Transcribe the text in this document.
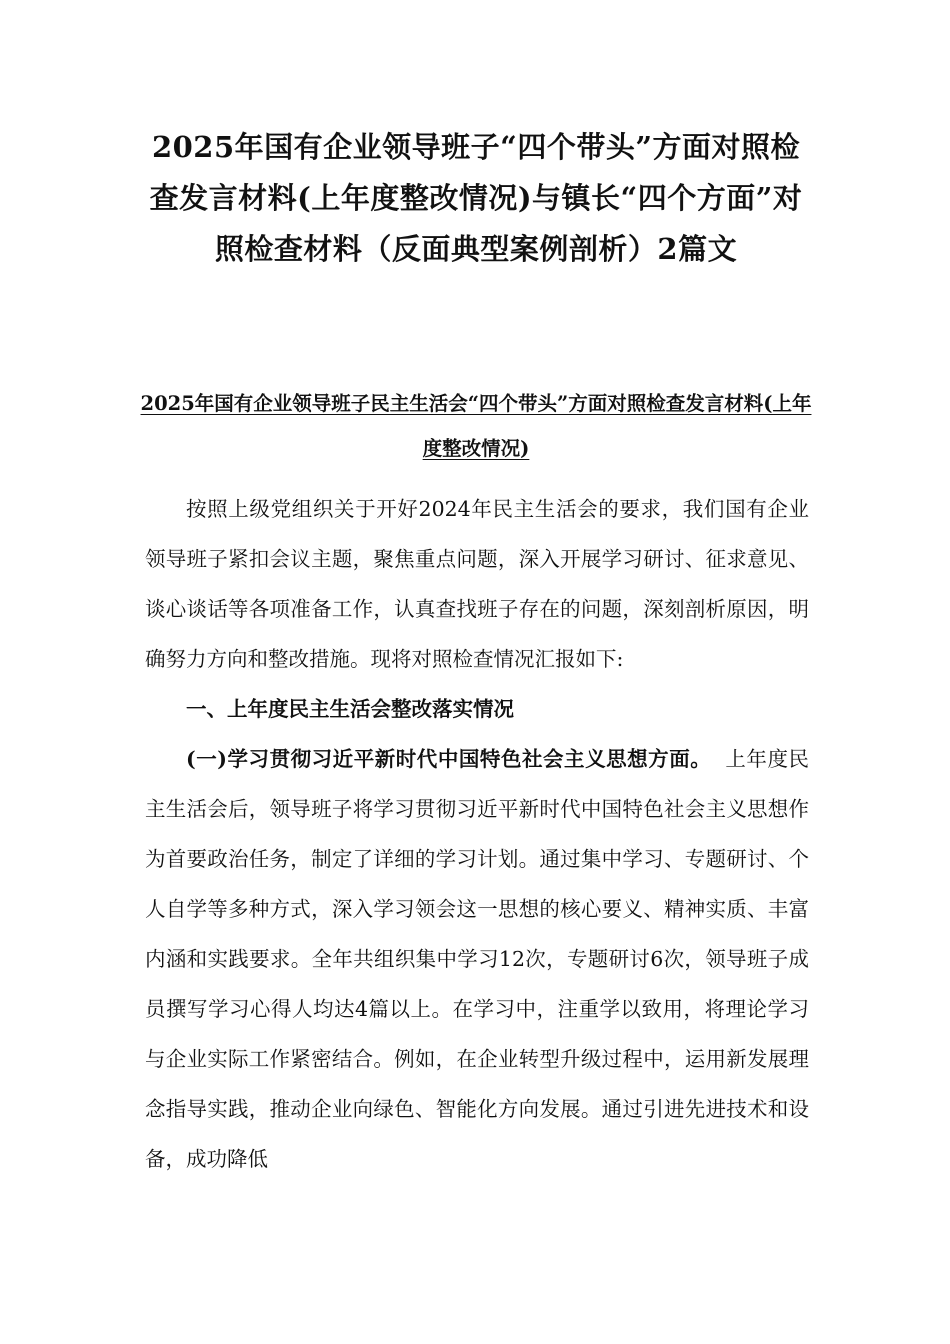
2025年国有企业领导班子“四个带头”方面对照检查发言材料(上年度整改情况)与镇长“四个方面”对照检查材料（反面典型案例剖析）2篇文
2025年国有企业领导班子民主生活会“四个带头”方面对照检查发言材料(上年度整改情况)

按照上级党组织关于开好2024年民主生活会的要求，我们国有企业领导班子紧扣会议主题，聚焦重点问题，深入开展学习研讨、征求意见、谈心谈话等各项准备工作，认真查找班子存在的问题，深刻剖析原因，明确努力方向和整改措施。现将对照检查情况汇报如下:

一、上年度民主生活会整改落实情况

(一)学习贯彻习近平新时代中国特色社会主义思想方面。 上年度民主生活会后，领导班子将学习贯彻习近平新时代中国特色社会主义思想作为首要政治任务，制定了详细的学习计划。通过集中学习、专题研讨、个人自学等多种方式，深入学习领会这一思想的核心要义、精神实质、丰富内涵和实践要求。全年共组织集中学习12次，专题研讨6次，领导班子成员撰写学习心得人均达4篇以上。在学习中，注重学以致用，将理论学习与企业实际工作紧密结合。例如，在企业转型升级过程中，运用新发展理念指导实践，推动企业向绿色、智能化方向发展。通过引进先进技术和设备，成功降低
